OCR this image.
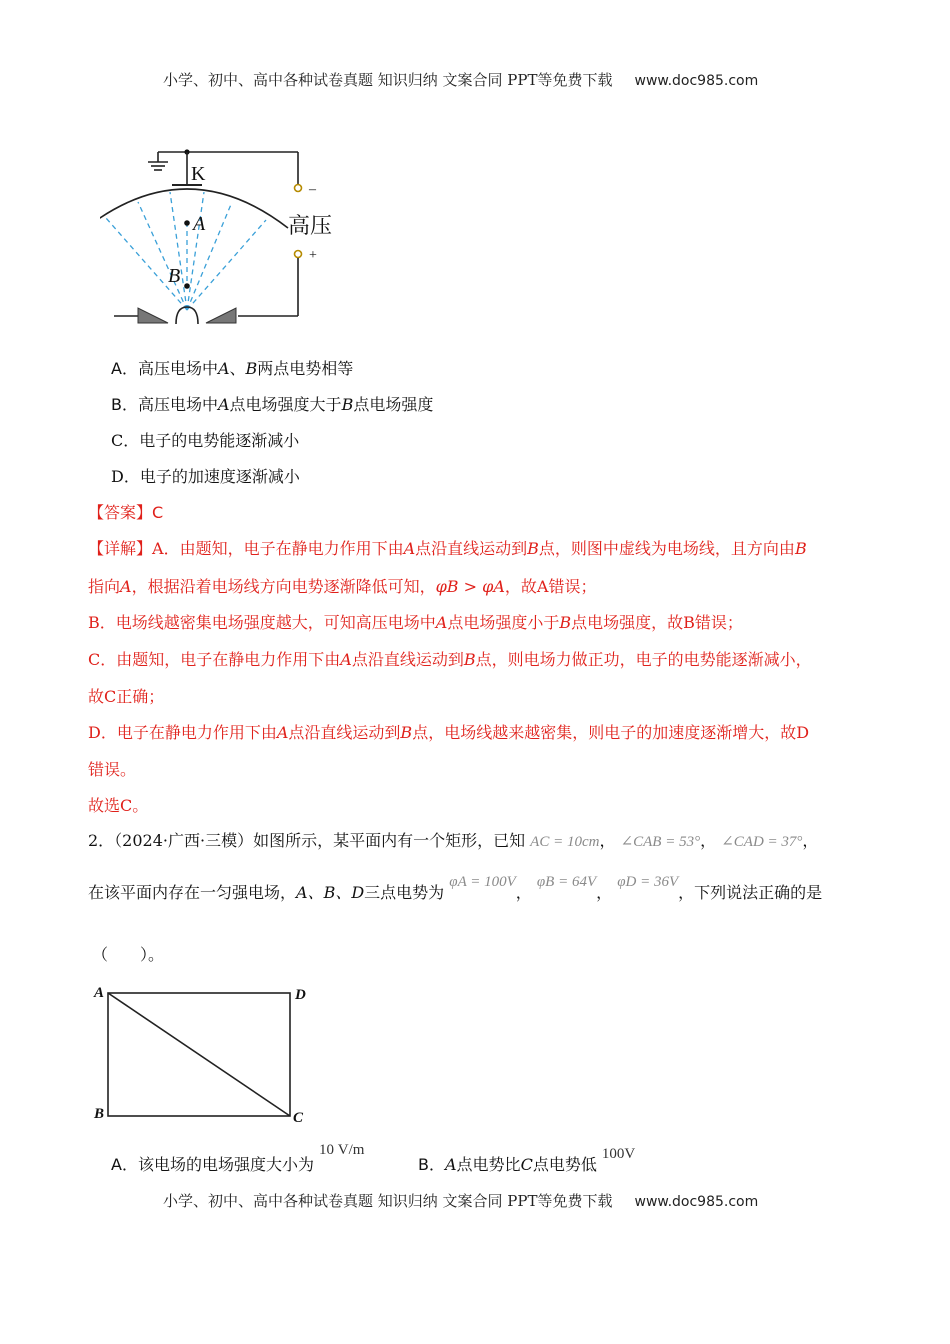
小学、初中、高中各种试卷真题 知识归纳 文案合同 PPT等免费下载 www.doc985.com
K
–
高压
+
A
B
A．高压电场中A、B两点电势相等
B．高压电场中A点电场强度大于B点电场强度
C．电子的电势能逐渐减小
D．电子的加速度逐渐减小
【答案】C
【详解】A．由题知，电子在静电力作用下由A点沿直线运动到B点，则图中虚线为电场线，且方向由B
指向A，根据沿着电场线方向电势逐渐降低可知，φB > φA，故A错误；
B．电场线越密集电场强度越大，可知高压电场中A点电场强度小于B点电场强度，故B错误；
C．由题知，电子在静电力作用下由A点沿直线运动到B点，则电场力做正功，电子的电势能逐渐减小，
故C正确；
D．电子在静电力作用下由A点沿直线运动到B点，电场线越来越密集，则电子的加速度逐渐增大，故D
错误。
故选C。
2．（2024·广西·三模）如图所示，某平面内有一个矩形，已知 AC = 10cm， ∠CAB = 53°， ∠CAD = 37°，
在该平面内存在一匀强电场，A、B、D三点电势为 φA = 100V， φB = 64V， φD = 36V，下列说法正确的是
（　　）。
A	D
B	C
A．该电场的电场强度大小为 10 V/m
B．A点电势比C点电势低 100V
小学、初中、高中各种试卷真题 知识归纳 文案合同 PPT等免费下载 www.doc985.com
